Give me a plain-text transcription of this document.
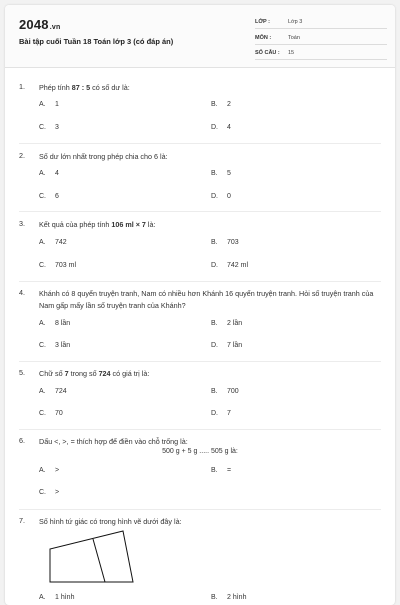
2048.vn
Bài tập cuối Tuần 18 Toán lớp 3 (có đáp án)
LỚP :	Lớp 3
MÔN :	Toán
SỐ CÂU : 15
1. Phép tính 87 : 5 có số dư là:
A. 1	B. 2
C. 3	D. 4
2. Số dư lớn nhất trong phép chia cho 6 là:
A. 4	B. 5
C. 6	D. 0
3. Kết quả của phép tính 106 ml × 7 là:
A. 742	B. 703
C. 703 ml	D. 742 ml
4. Khánh có 8 quyển truyện tranh, Nam có nhiều hơn Khánh 16 quyển truyện tranh. Hỏi số truyện tranh của Nam gấp mấy lần số truyện tranh của Khánh?
A. 8 lần	B. 2 lần
C. 3 lần	D. 7 lần
5. Chữ số 7 trong số 724 có giá trị là:
A. 724	B. 700
C. 70	D. 7
6. Dấu <, >, = thích hợp để điền vào chỗ trống là:
500 g + 5 g ..... 505 g là:
A. >	B. =
C. >
7. Số hình tứ giác có trong hình vẽ dưới đây là:
A. 1 hình	B. 2 hình
